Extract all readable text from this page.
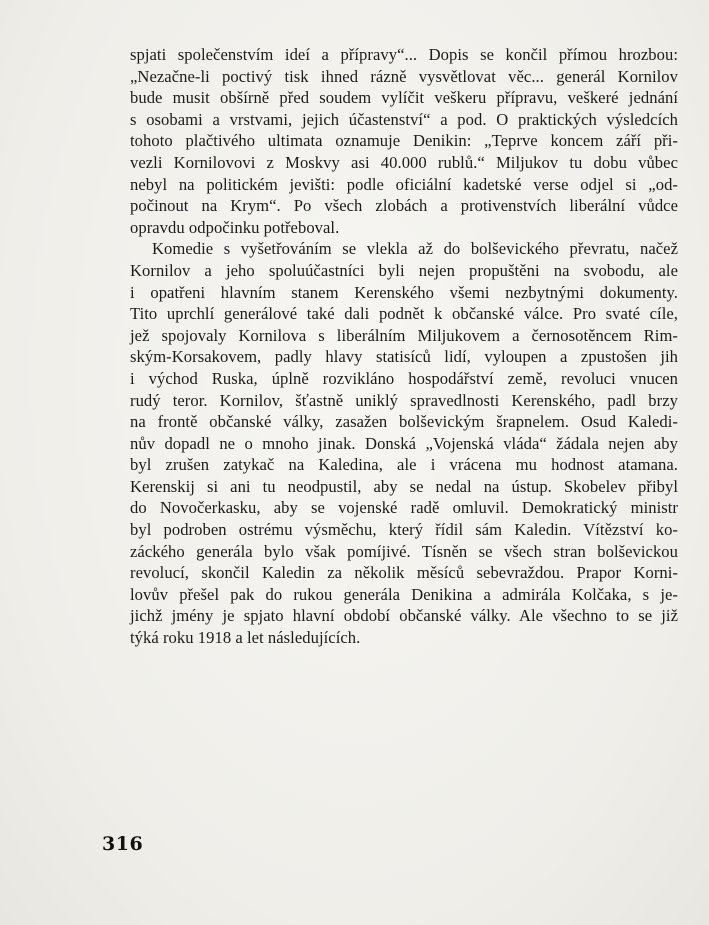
spjati společenstvím ideí a přípravy“... Dopis se končil přímou hrozbou:
„Nezačne-li poctivý tisk ihned rázně vysvětlovat věc... generál Kornilov
bude musit obšírně před soudem vylíčit veškeru přípravu, veškeré jednání
s osobami a vrstvami, jejich účastenství“ a pod. O praktických výsledcích
tohoto plačtivého ultimata oznamuje Denikin: „Teprve koncem září při-
vezli Kornilovovi z Moskvy asi 40.000 rublů.“ Miljukov tu dobu vůbec
nebyl na politickém jevišti: podle oficiální kadetské verse odjel si „od-
počinout na Krym“. Po všech zlobách a protivenstvích liberální vůdce
opravdu odpočinku potřeboval.
Komedie s vyšetřováním se vlekla až do bolševického převratu, načež
Kornilov a jeho spoluúčastníci byli nejen propuštěni na svobodu, ale
i opatřeni hlavním stanem Kerenského všemi nezbytnými dokumenty.
Tito uprchlí generálové také dali podnět k občanské válce. Pro svaté cíle,
jež spojovaly Kornilova s liberálním Miljukovem a černosotěncem Rim-
ským-Korsakovem, padly hlavy statisíců lidí, vyloupen a zpustošen jih
i východ Ruska, úplně rozvikláno hospodářství země, revoluci vnucen
rudý teror. Kornilov, šťastně uniklý spravedlnosti Kerenského, padl brzy
na frontě občanské války, zasažen bolševickým šrapnelem. Osud Kaledi-
nův dopadl ne o mnoho jinak. Donská „Vojenská vláda“ žádala nejen aby
byl zrušen zatykač na Kaledina, ale i vrácena mu hodnost atamana.
Kerenskij si ani tu neodpustil, aby se nedal na ústup. Skobelev přibyl
do Novočerkasku, aby se vojenské radě omluvil. Demokratický ministr
byl podroben ostrému výsměchu, který řídil sám Kaledin. Vítězství ko-
záckého generála bylo však pomíjivé. Tísněn se všech stran bolševickou
revolucí, skončil Kaledin za několik měsíců sebevraždou. Prapor Korni-
lovův přešel pak do rukou generála Denikina a admirála Kolčaka, s je-
jichž jmény je spjato hlavní období občanské války. Ale všechno to se již
týká roku 1918 a let následujících.
316
